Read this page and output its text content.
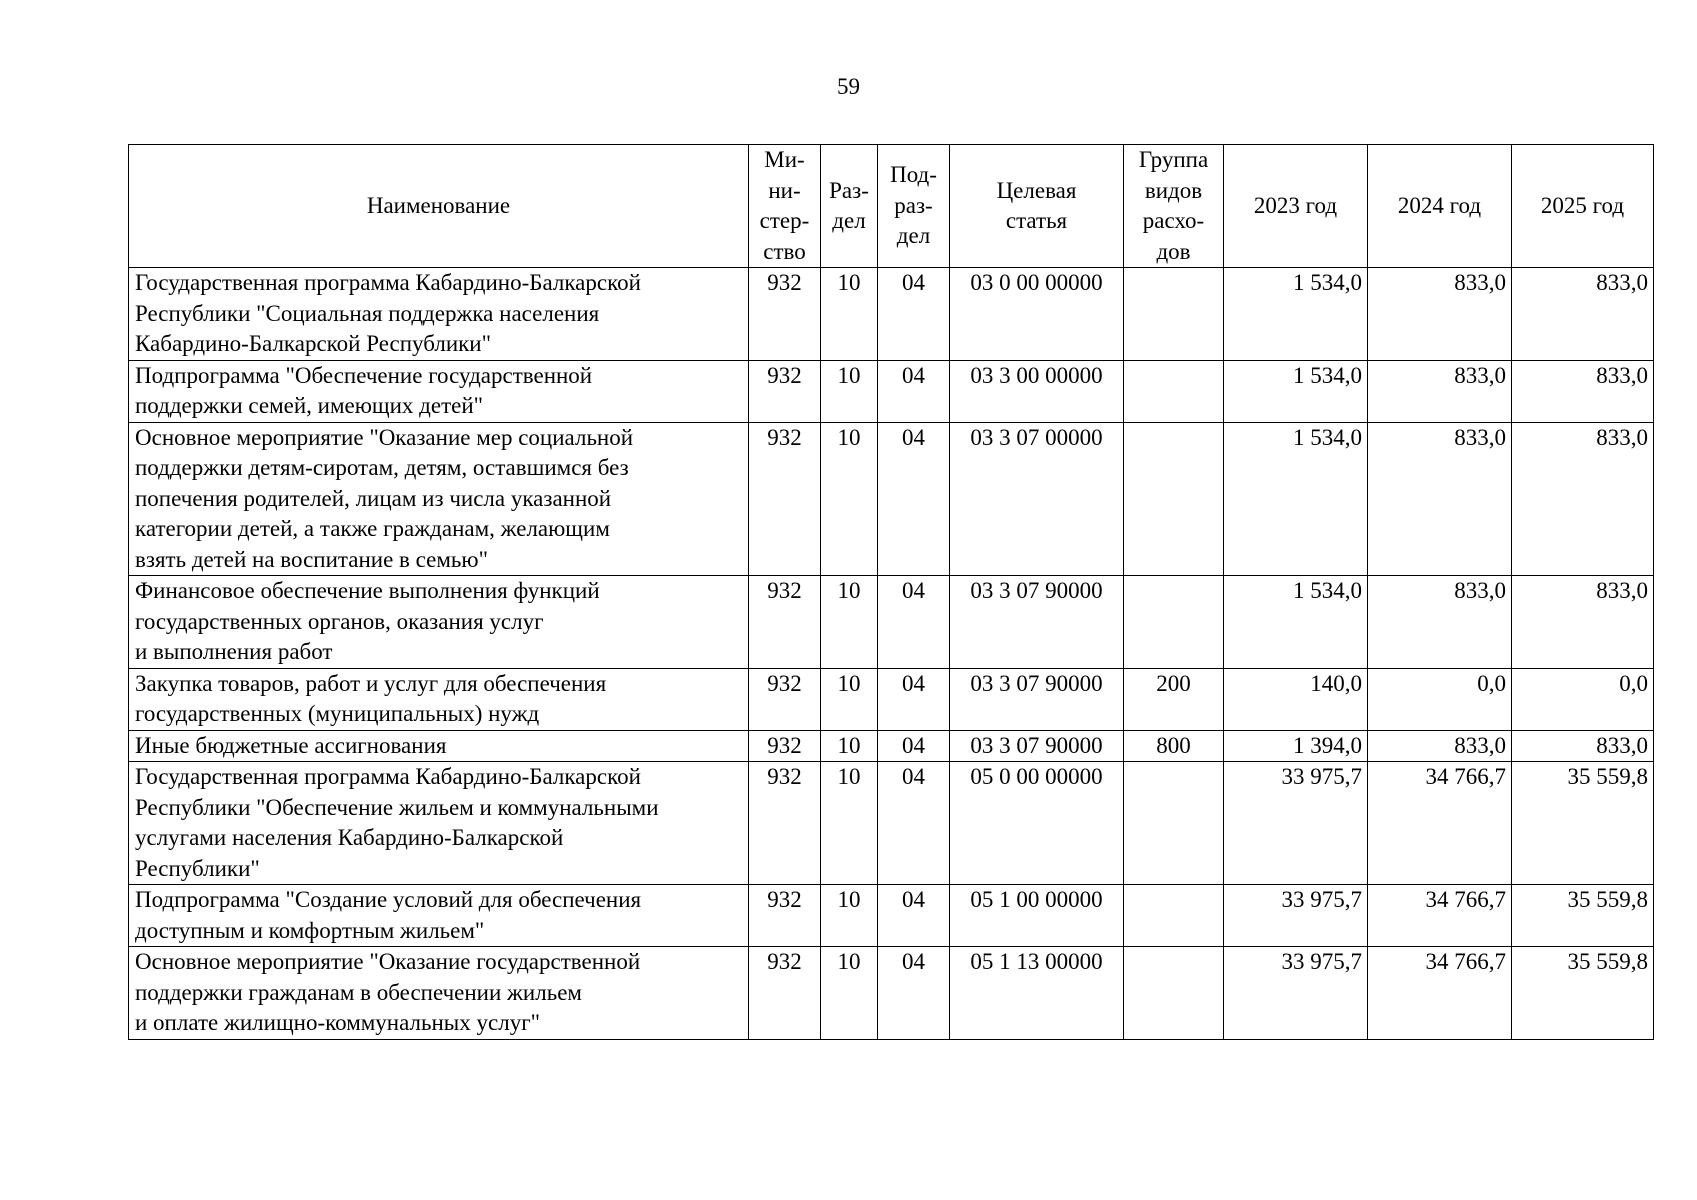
59
Наименование	Ми-
ни-
стер-
ство	Раз-
дел	Под-
раз-
дел	Целевая
статья	Группа
видов
расхо-
дов	2023 год	2024 год	2025 год
Государственная программа Кабардино-Балкарской
Республики "Социальная поддержка населения
Кабардино-Балкарской Республики"	932	10	04	03 0 00 00000		1 534,0	833,0	833,0
Подпрограмма "Обеспечение государственной
поддержки семей, имеющих детей"	932	10	04	03 3 00 00000		1 534,0	833,0	833,0
Основное мероприятие "Оказание мер социальной
поддержки детям-сиротам, детям, оставшимся без
попечения родителей, лицам из числа указанной
категории детей, а также гражданам, желающим
взять детей на воспитание в семью"	932	10	04	03 3 07 00000		1 534,0	833,0	833,0
Финансовое обеспечение выполнения функций
государственных органов, оказания услуг
и выполнения работ	932	10	04	03 3 07 90000		1 534,0	833,0	833,0
Закупка товаров, работ и услуг для обеспечения
государственных (муниципальных) нужд	932	10	04	03 3 07 90000	200	140,0	0,0	0,0
Иные бюджетные ассигнования	932	10	04	03 3 07 90000	800	1 394,0	833,0	833,0
Государственная программа Кабардино-Балкарской
Республики "Обеспечение жильем и коммунальными
услугами населения Кабардино-Балкарской
Республики"	932	10	04	05 0 00 00000		33 975,7	34 766,7	35 559,8
Подпрограмма "Создание условий для обеспечения
доступным и комфортным жильем"	932	10	04	05 1 00 00000		33 975,7	34 766,7	35 559,8
Основное мероприятие "Оказание государственной
поддержки гражданам в обеспечении жильем
и оплате жилищно-коммунальных услуг"	932	10	04	05 1 13 00000		33 975,7	34 766,7	35 559,8
